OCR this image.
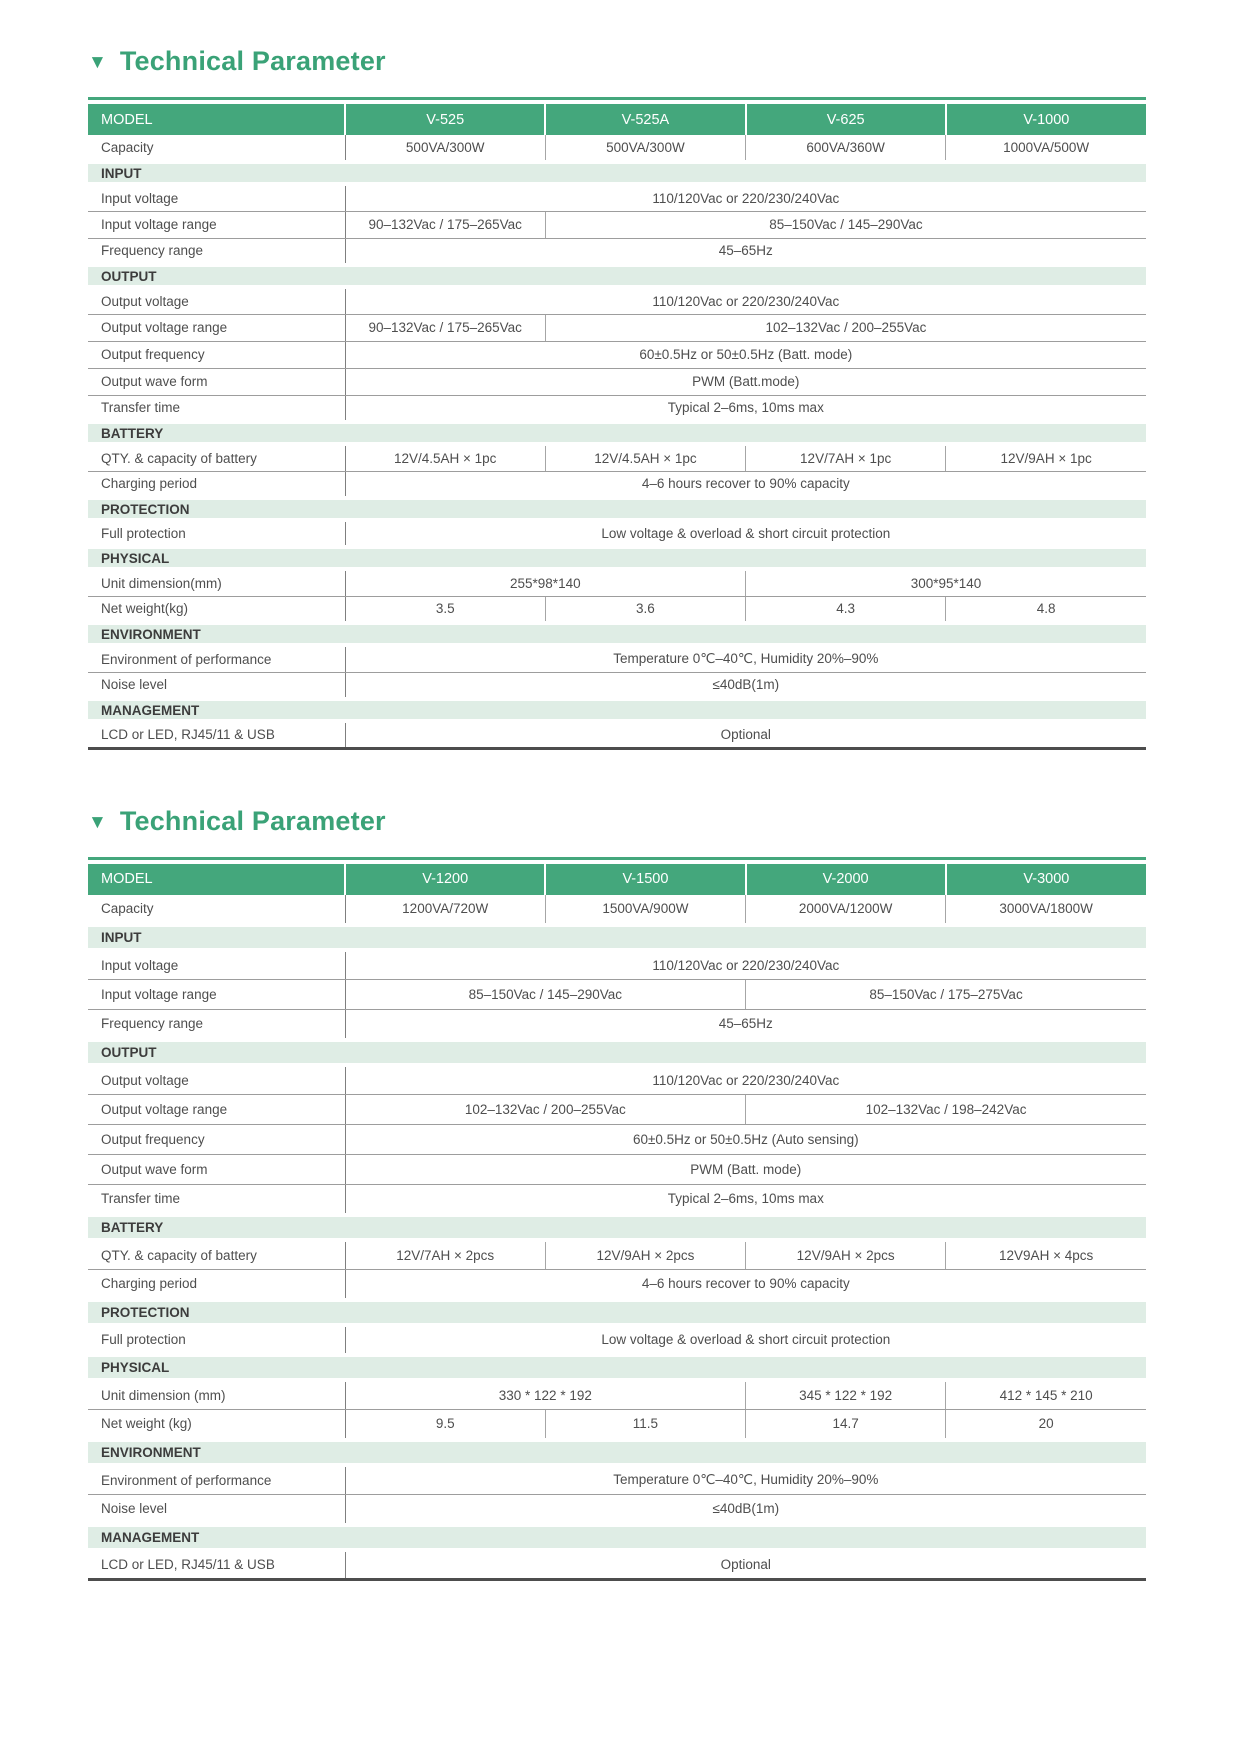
▼ Technical Parameter
MODEL	V-525	V-525A	V-625	V-1000
Capacity	500VA/300W	500VA/300W	600VA/360W	1000VA/500W
INPUT				
Input voltage	110/120Vac or 220/230/240Vac			
Input voltage range	90–132Vac / 175–265Vac	85–150Vac / 145–290Vac		
Frequency range	45–65Hz			
OUTPUT				
Output voltage	110/120Vac or 220/230/240Vac			
Output voltage range	90–132Vac / 175–265Vac	102–132Vac / 200–255Vac		
Output frequency	60±0.5Hz or 50±0.5Hz (Batt. mode)			
Output wave form	PWM (Batt.mode)			
Transfer time	Typical 2–6ms, 10ms max			
BATTERY				
QTY. & capacity of battery	12V/4.5AH × 1pc	12V/4.5AH × 1pc	12V/7AH × 1pc	12V/9AH × 1pc
Charging period	4–6 hours recover to 90% capacity			
PROTECTION				
Full protection	Low voltage & overload & short circuit protection			
PHYSICAL				
Unit dimension(mm)	255*98*140		300*95*140	
Net weight(kg)	3.5	3.6	4.3	4.8
ENVIRONMENT				
Environment of performance	Temperature 0℃–40℃, Humidity 20%–90%			
Noise level	≤40dB(1m)			
MANAGEMENT				
LCD or LED, RJ45/11 & USB	Optional			
▼ Technical Parameter
MODEL	V-1200	V-1500	V-2000	V-3000
Capacity	1200VA/720W	1500VA/900W	2000VA/1200W	3000VA/1800W
INPUT				
Input voltage	110/120Vac or 220/230/240Vac			
Input voltage range	85–150Vac / 145–290Vac		85–150Vac / 175–275Vac	
Frequency range	45–65Hz			
OUTPUT				
Output voltage	110/120Vac or 220/230/240Vac			
Output voltage range	102–132Vac / 200–255Vac		102–132Vac / 198–242Vac	
Output frequency	60±0.5Hz or 50±0.5Hz (Auto sensing)			
Output wave form	PWM (Batt. mode)			
Transfer time	Typical 2–6ms, 10ms max			
BATTERY				
QTY. & capacity of battery	12V/7AH × 2pcs	12V/9AH × 2pcs	12V/9AH × 2pcs	12V9AH × 4pcs
Charging period	4–6 hours recover to 90% capacity			
PROTECTION				
Full protection	Low voltage & overload & short circuit protection			
PHYSICAL				
Unit dimension (mm)	330 * 122 * 192		345 * 122 * 192	412 * 145 * 210
Net weight (kg)	9.5	11.5	14.7	20
ENVIRONMENT				
Environment of performance	Temperature 0℃–40℃, Humidity 20%–90%			
Noise level	≤40dB(1m)			
MANAGEMENT				
LCD or LED, RJ45/11 & USB	Optional			
